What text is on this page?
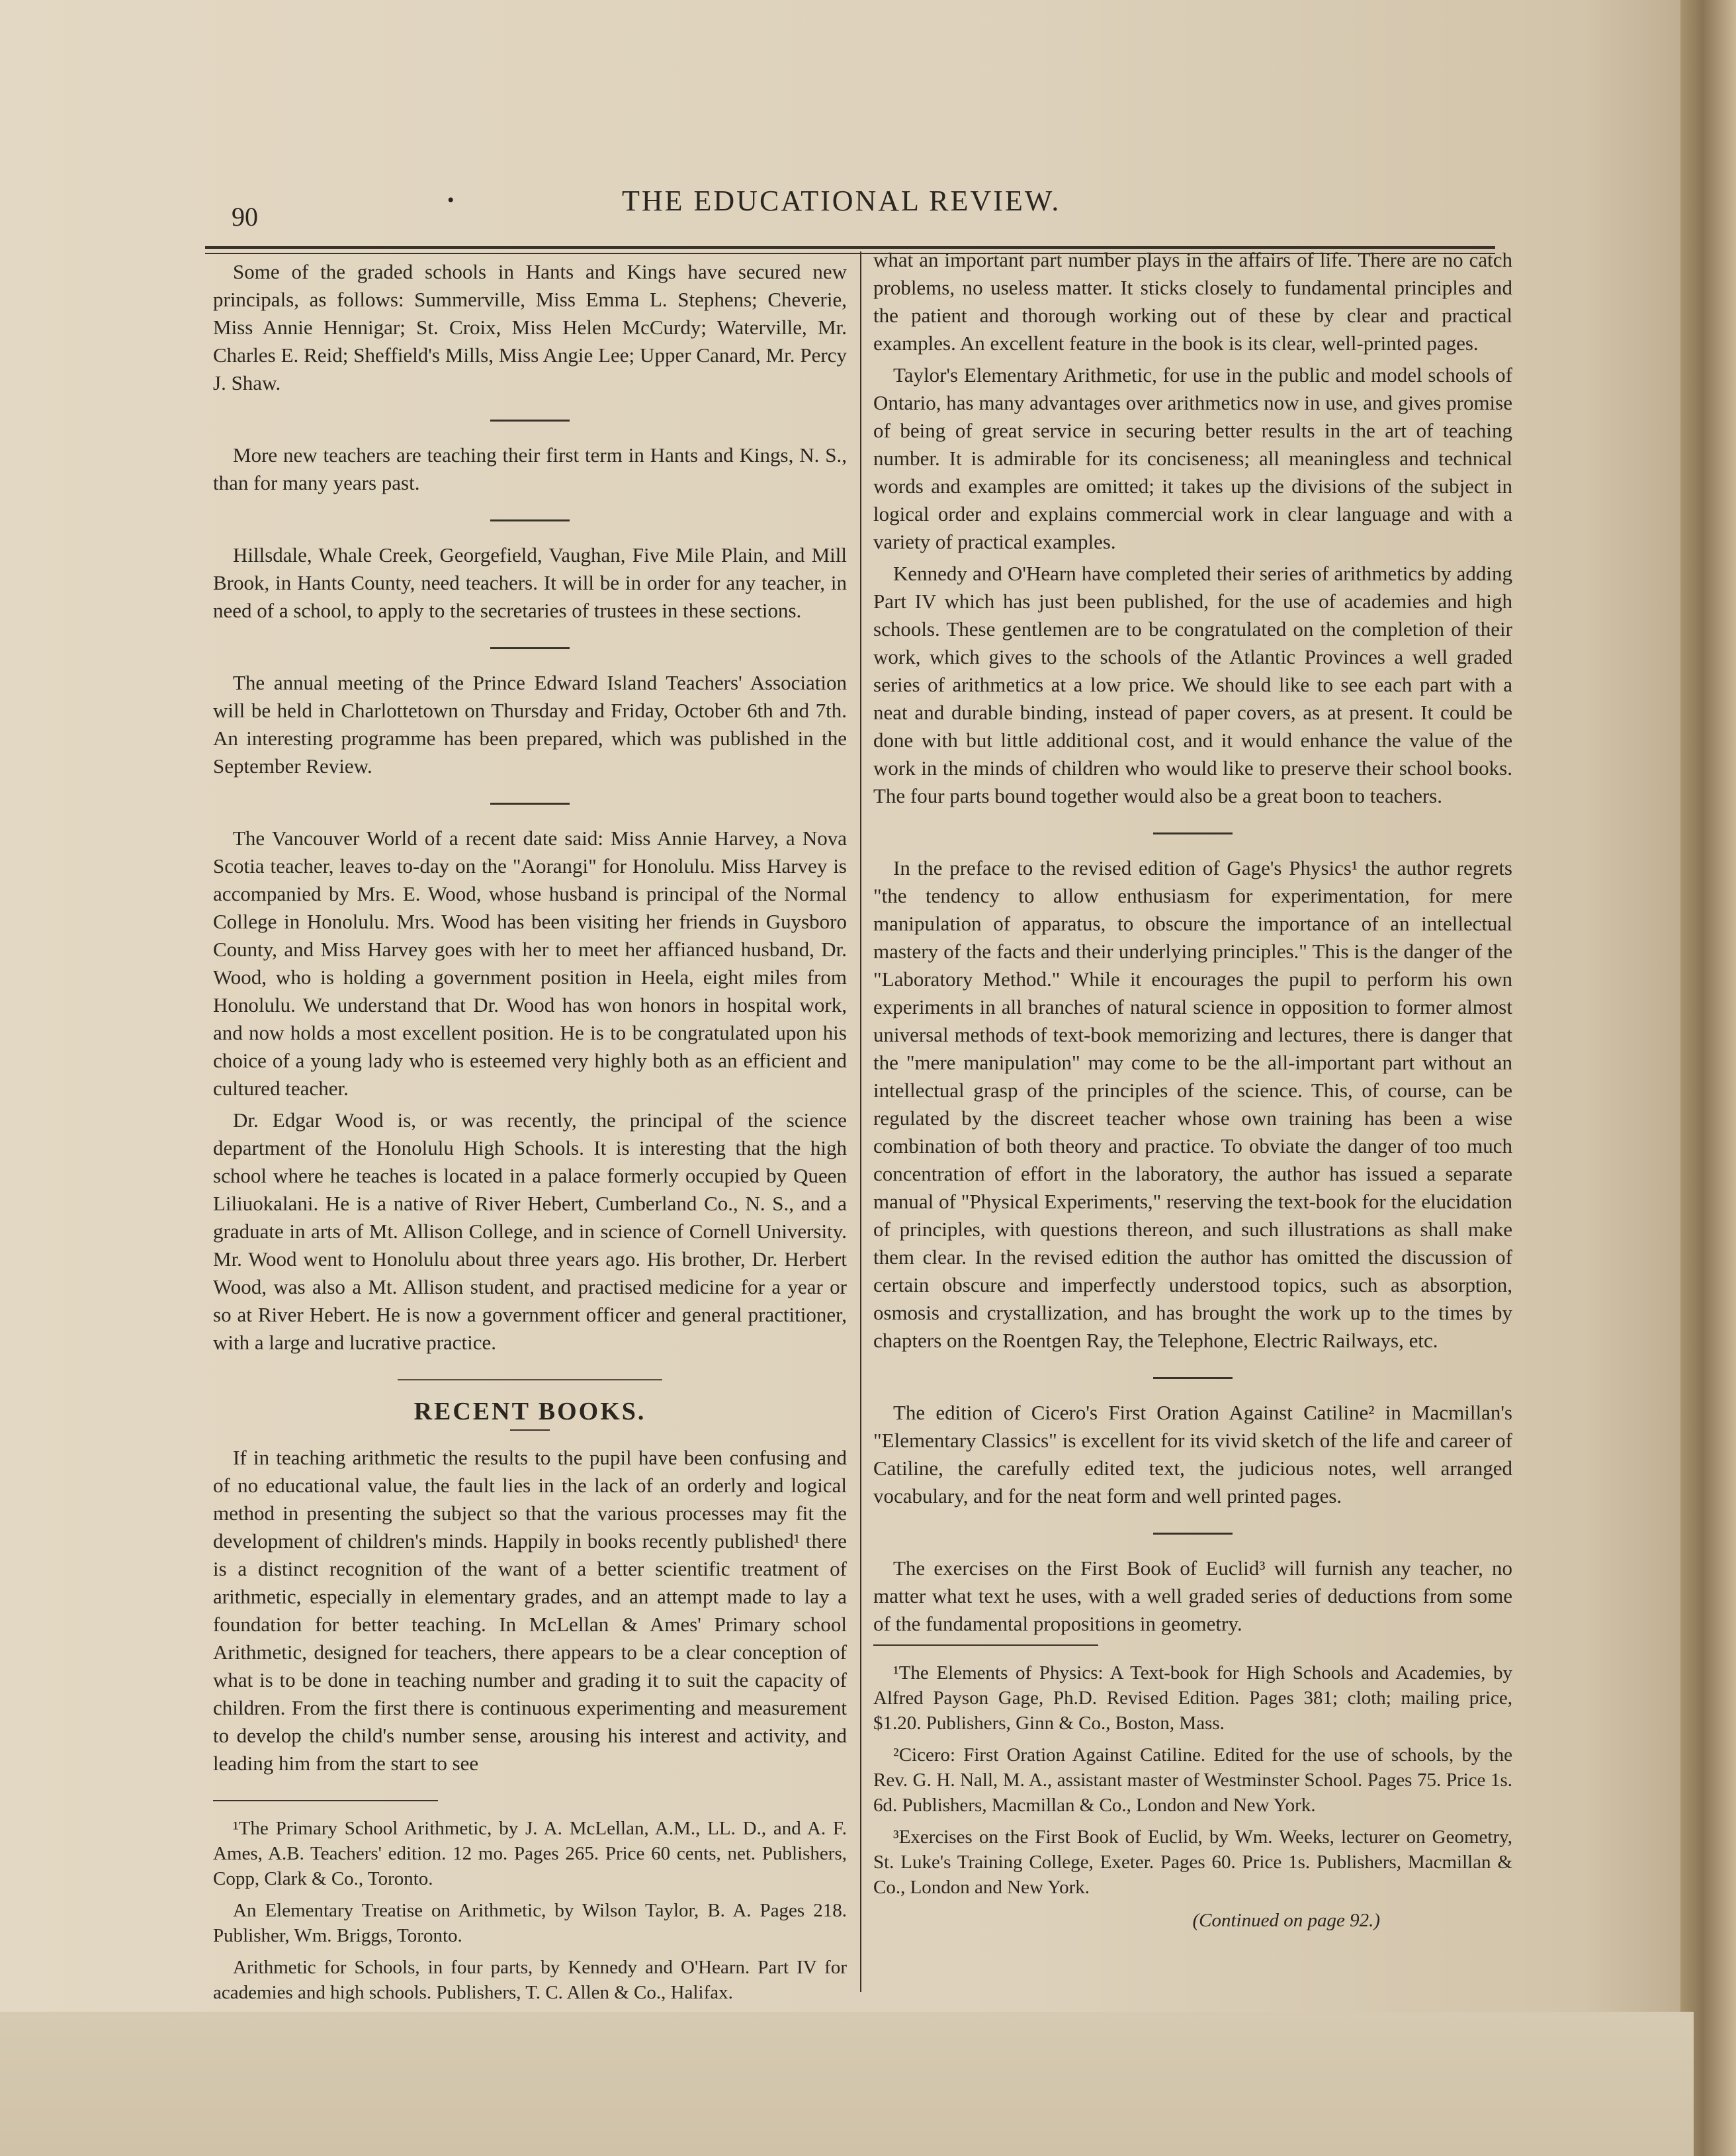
90
•	THE EDUCATIONAL REVIEW.

Some of the graded schools in Hants and Kings have secured new principals, as follows: Summerville, Miss Emma L. Stephens; Cheverie, Miss Annie Hennigar; St. Croix, Miss Helen McCurdy; Waterville, Mr. Charles E. Reid; Sheffield's Mills, Miss Angie Lee; Upper Canard, Mr. Percy J. Shaw.

More new teachers are teaching their first term in Hants and Kings, N. S., than for many years past.

Hillsdale, Whale Creek, Georgefield, Vaughan, Five Mile Plain, and Mill Brook, in Hants County, need teachers. It will be in order for any teacher, in need of a school, to apply to the secretaries of trustees in these sections.

The annual meeting of the Prince Edward Island Teachers' Association will be held in Charlottetown on Thursday and Friday, October 6th and 7th. An interesting programme has been prepared, which was published in the September Review.

The Vancouver World of a recent date said: Miss Annie Harvey, a Nova Scotia teacher, leaves to-day on the "Aorangi" for Honolulu. Miss Harvey is accompanied by Mrs. E. Wood, whose husband is principal of the Normal College in Honolulu. Mrs. Wood has been visiting her friends in Guysboro County, and Miss Harvey goes with her to meet her affianced husband, Dr. Wood, who is holding a government position in Heela, eight miles from Honolulu. We understand that Dr. Wood has won honors in hospital work, and now holds a most excellent position. He is to be congratulated upon his choice of a young lady who is esteemed very highly both as an efficient and cultured teacher.

Dr. Edgar Wood is, or was recently, the principal of the science department of the Honolulu High Schools. It is interesting that the high school where he teaches is located in a palace formerly occupied by Queen Liliuokalani. He is a native of River Hebert, Cumberland Co., N. S., and a graduate in arts of Mt. Allison College, and in science of Cornell University. Mr. Wood went to Honolulu about three years ago. His brother, Dr. Herbert Wood, was also a Mt. Allison student, and practised medicine for a year or so at River Hebert. He is now a government officer and general practitioner, with a large and lucrative practice.

RECENT BOOKS.

If in teaching arithmetic the results to the pupil have been confusing and of no educational value, the fault lies in the lack of an orderly and logical method in presenting the subject so that the various processes may fit the development of children's minds. Happily in books recently published¹ there is a distinct recognition of the want of a better scientific treatment of arithmetic, especially in elementary grades, and an attempt made to lay a foundation for better teaching. In McLellan & Ames' Primary school Arithmetic, designed for teachers, there appears to be a clear conception of what is to be done in teaching number and grading it to suit the capacity of children. From the first there is continuous experimenting and measurement to develop the child's number sense, arousing his interest and activity, and leading him from the start to see

¹The Primary School Arithmetic, by J. A. McLellan, A.M., LL. D., and A. F. Ames, A.B. Teachers' edition. 12 mo. Pages 265. Price 60 cents, net. Publishers, Copp, Clark & Co., Toronto.
An Elementary Treatise on Arithmetic, by Wilson Taylor, B. A. Pages 218. Publisher, Wm. Briggs, Toronto.
Arithmetic for Schools, in four parts, by Kennedy and O'Hearn. Part IV for academies and high schools. Publishers, T. C. Allen & Co., Halifax.

what an important part number plays in the affairs of life. There are no catch problems, no useless matter. It sticks closely to fundamental principles and the patient and thorough working out of these by clear and practical examples. An excellent feature in the book is its clear, well-printed pages.

Taylor's Elementary Arithmetic, for use in the public and model schools of Ontario, has many advantages over arithmetics now in use, and gives promise of being of great service in securing better results in the art of teaching number. It is admirable for its conciseness; all meaningless and technical words and examples are omitted; it takes up the divisions of the subject in logical order and explains commercial work in clear language and with a variety of practical examples.

Kennedy and O'Hearn have completed their series of arithmetics by adding Part IV which has just been published, for the use of academies and high schools. These gentlemen are to be congratulated on the completion of their work, which gives to the schools of the Atlantic Provinces a well graded series of arithmetics at a low price. We should like to see each part with a neat and durable binding, instead of paper covers, as at present. It could be done with but little additional cost, and it would enhance the value of the work in the minds of children who would like to preserve their school books. The four parts bound together would also be a great boon to teachers.

In the preface to the revised edition of Gage's Physics¹ the author regrets "the tendency to allow enthusiasm for experimentation, for mere manipulation of apparatus, to obscure the importance of an intellectual mastery of the facts and their underlying principles." This is the danger of the "Laboratory Method." While it encourages the pupil to perform his own experiments in all branches of natural science in opposition to former almost universal methods of text-book memorizing and lectures, there is danger that the "mere manipulation" may come to be the all-important part without an intellectual grasp of the principles of the science. This, of course, can be regulated by the discreet teacher whose own training has been a wise combination of both theory and practice. To obviate the danger of too much concentration of effort in the laboratory, the author has issued a separate manual of "Physical Experiments," reserving the text-book for the elucidation of principles, with questions thereon, and such illustrations as shall make them clear. In the revised edition the author has omitted the discussion of certain obscure and imperfectly understood topics, such as absorption, osmosis and crystallization, and has brought the work up to the times by chapters on the Roentgen Ray, the Telephone, Electric Railways, etc.

The edition of Cicero's First Oration Against Catiline² in Macmillan's "Elementary Classics" is excellent for its vivid sketch of the life and career of Catiline, the carefully edited text, the judicious notes, well arranged vocabulary, and for the neat form and well printed pages.

The exercises on the First Book of Euclid³ will furnish any teacher, no matter what text he uses, with a well graded series of deductions from some of the fundamental propositions in geometry.

¹The Elements of Physics: A Text-book for High Schools and Academies, by Alfred Payson Gage, Ph.D. Revised Edition. Pages 381; cloth; mailing price, $1.20. Publishers, Ginn & Co., Boston, Mass.
²Cicero: First Oration Against Catiline. Edited for the use of schools, by the Rev. G. H. Nall, M. A., assistant master of Westminster School. Pages 75. Price 1s. 6d. Publishers, Macmillan & Co., London and New York.
³Exercises on the First Book of Euclid, by Wm. Weeks, lecturer on Geometry, St. Luke's Training College, Exeter. Pages 60. Price 1s. Publishers, Macmillan & Co., London and New York.
(Continued on page 92.)
